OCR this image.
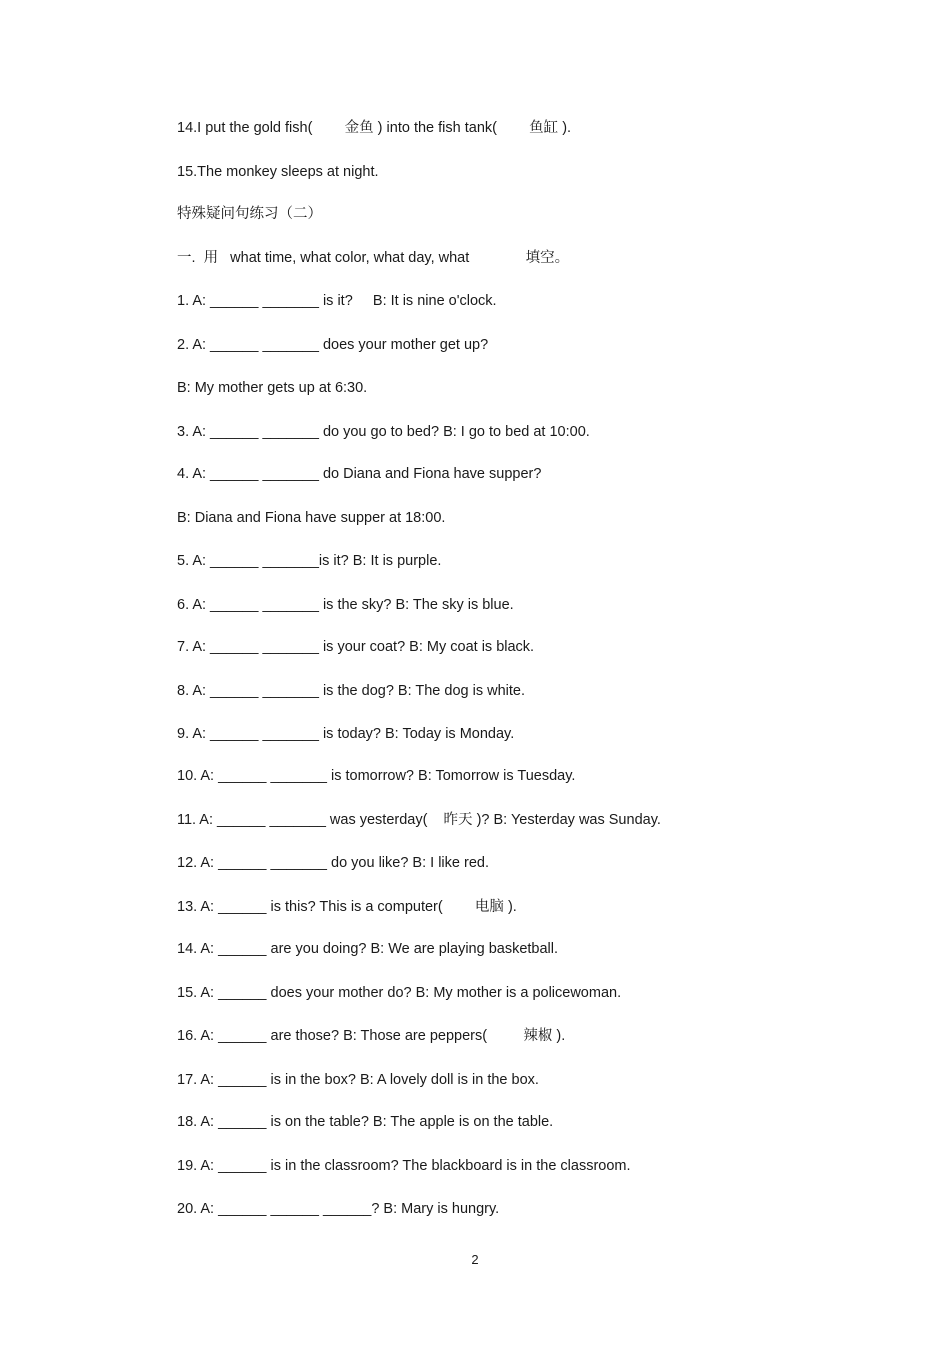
14.I put the gold fish(        金鱼 ) into the fish tank(        鱼缸 ).
15.The monkey sleeps at night.
特殊疑问句练习（二）
一.  用   what time, what color, what day, what              填空。
1. A: ______ _______ is it?     B: It is nine o'clock.
2. A: ______ _______ does your mother get up?
B: My mother gets up at 6:30.
3. A: ______ _______ do you go to bed? B: I go to bed at 10:00.
4. A: ______ _______ do Diana and Fiona have supper?
B: Diana and Fiona have supper at 18:00.
5. A: ______ _______is it? B: It is purple.
6. A: ______ _______ is the sky? B: The sky is blue.
7. A: ______ _______ is your coat? B: My coat is black.
8. A: ______ _______ is the dog? B: The dog is white.
9. A: ______ _______ is today? B: Today is Monday.
10. A: ______ _______ is tomorrow? B: Tomorrow is Tuesday.
11. A: ______ _______ was yesterday(    昨天 )? B: Yesterday was Sunday.
12. A: ______ _______ do you like? B: I like red.
13. A: ______ is this? This is a computer(        电脑 ).
14. A: ______ are you doing? B: We are playing basketball.
15. A: ______ does your mother do? B: My mother is a policewoman.
16. A: ______ are those? B: Those are peppers(         辣椒 ).
17. A: ______ is in the box? B: A lovely doll is in the box.
18. A: ______ is on the table? B: The apple is on the table.
19. A: ______ is in the classroom? The blackboard is in the classroom.
20. A: ______ ______ ______? B: Mary is hungry.
2
